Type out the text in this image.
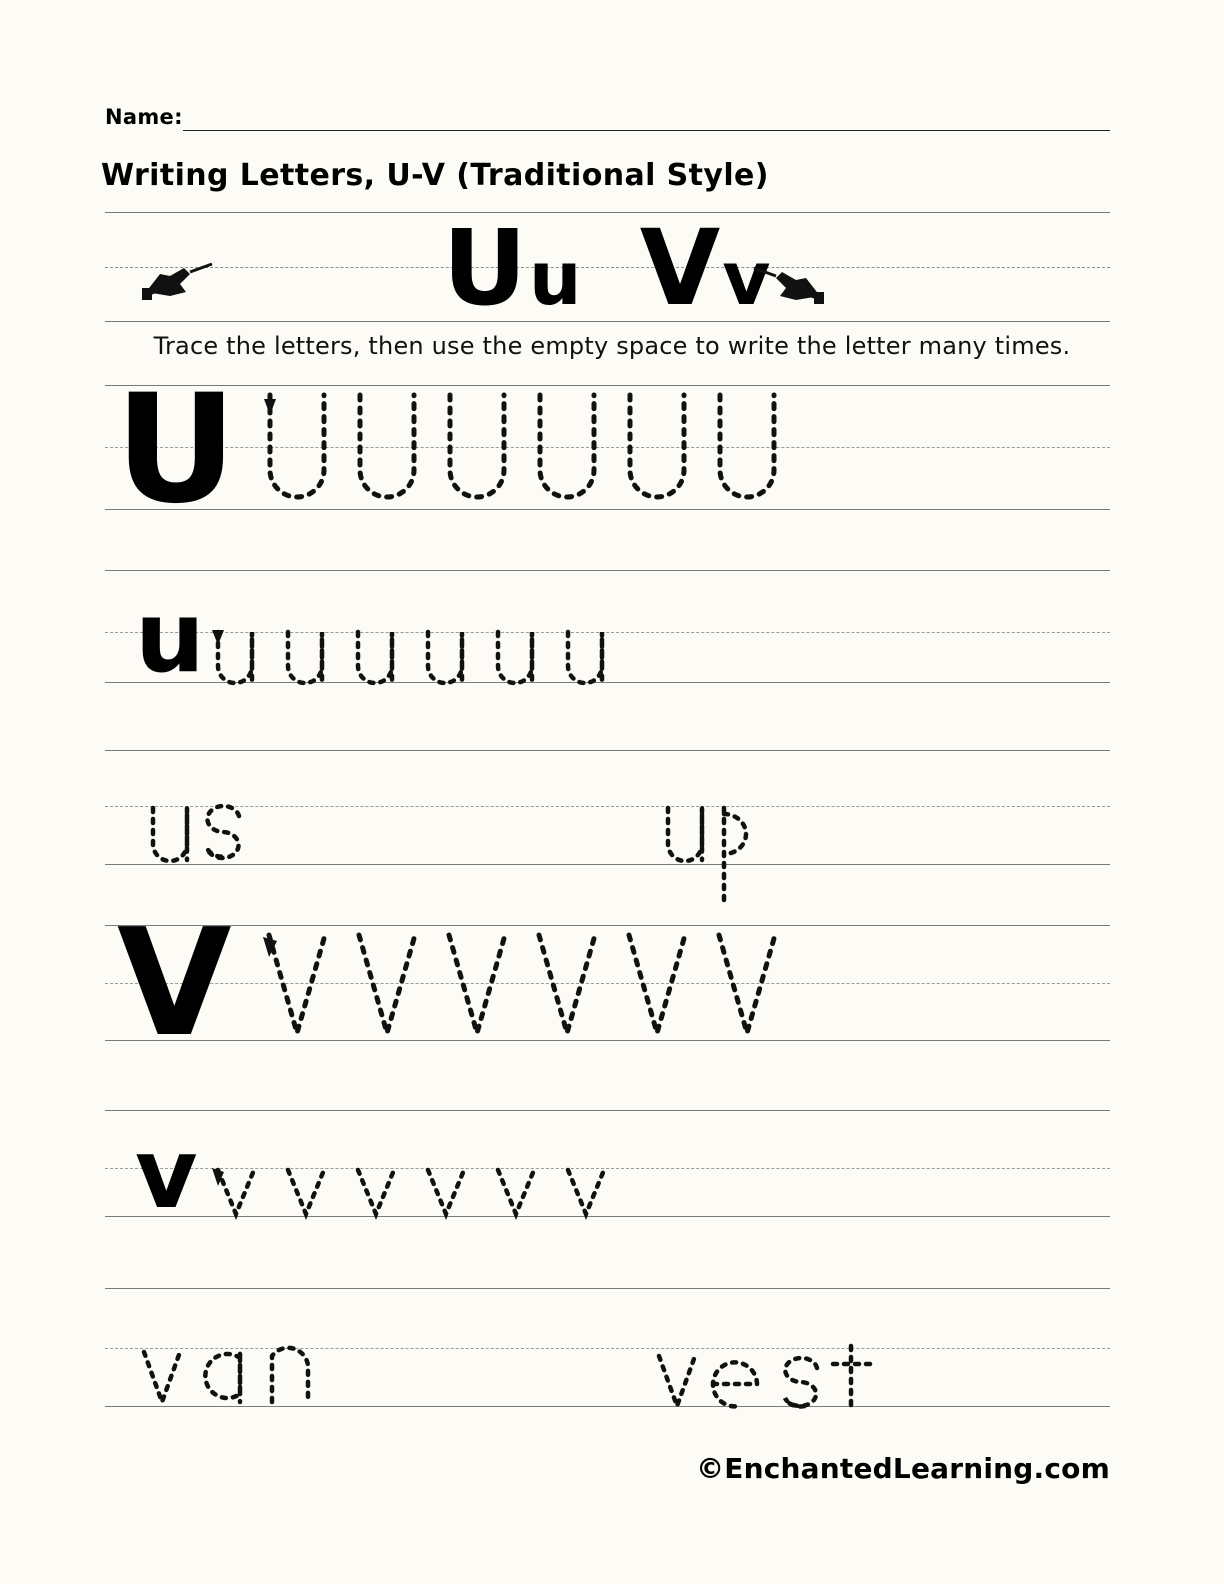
Name:
Writing Letters, U-V (Traditional Style)
Uu Vv
Trace the letters, then use the empty space to write the letter many times.
U
u
V
v
©EnchantedLearning.com
